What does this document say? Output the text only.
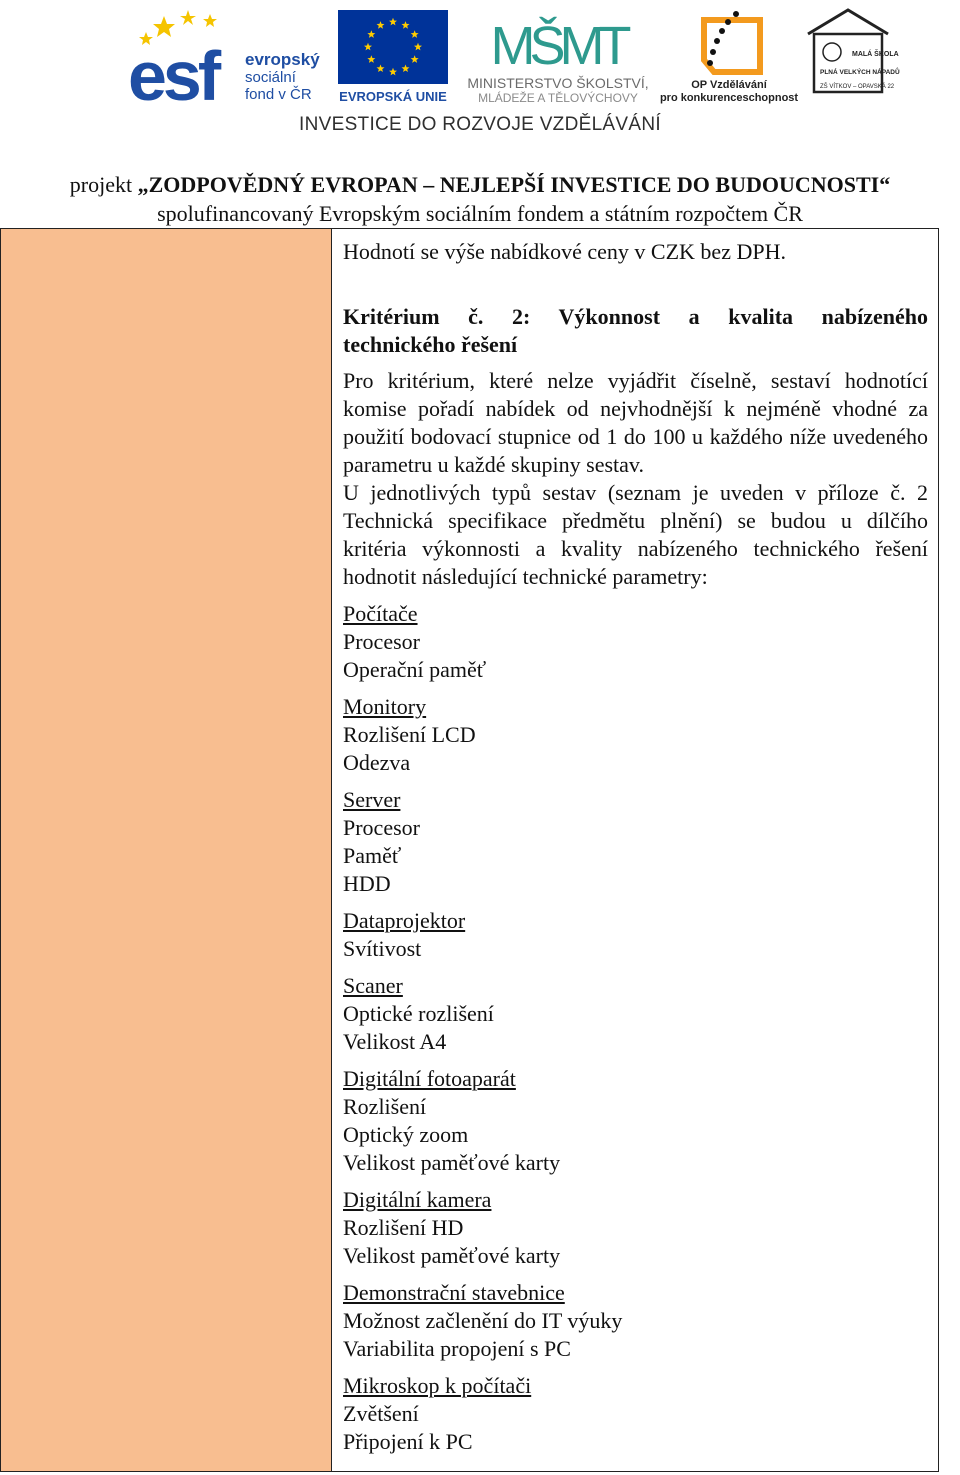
esf evropský
sociální
fond v ČR EVROPSKÁ UNIE
MŠMT
MINISTERSTVO ŠKOLSTVÍ,
MLÁDEŽE A TĚLOVÝCHOVY
OP Vzdělávání
pro konkurenceschopnost
MALÁ ŠKOLA
PLNÁ VELKÝCH NÁPADŮ
ZŠ VÍTKOV – OPAVSKÁ 22
INVESTICE DO ROZVOJE VZDĚLÁVÁNÍ
projekt „ZODPOVĚDNÝ EVROPAN – NEJLEPŠÍ INVESTICE DO BUDOUCNOSTI“
spolufinancovaný Evropským sociálním fondem a státním rozpočtem ČR

Hodnotí se výše nabídkové ceny v CZK bez DPH.

Kritérium č. 2: Výkonnost a kvalita nabízeného
technického řešení

Pro kritérium, které nelze vyjádřit číselně, sestaví hodnotící komise pořadí nabídek od nejvhodnější k nejméně vhodné za použití bodovací stupnice od 1 do 100 u každého níže uvedeného parametru u každé skupiny sestav.

U jednotlivých typů sestav (seznam je uveden v příloze č. 2 Technická specifikace předmětu plnění) se budou u dílčího kritéria výkonnosti a kvality nabízeného technického řešení hodnotit následující technické parametry:

Počítače
Procesor
Operační paměť
Monitory
Rozlišení LCD
Odezva
Server
Procesor
Paměť
HDD
Dataprojektor
Svítivost
Scaner
Optické rozlišení
Velikost A4
Digitální fotoaparát
Rozlišení
Optický zoom
Velikost paměťové karty
Digitální kamera
Rozlišení HD
Velikost paměťové karty
Demonstrační stavebnice
Možnost začlenění do IT výuky
Variabilita propojení s PC
Mikroskop k počítači
Zvětšení
Připojení k PC
